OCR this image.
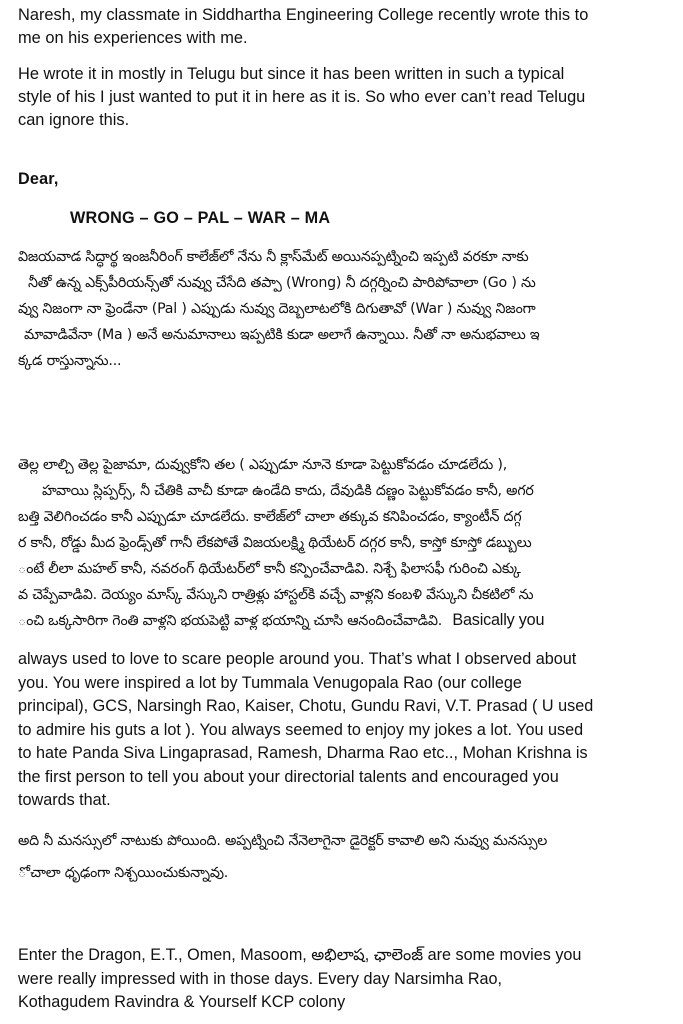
Naresh, my classmate in Siddhartha Engineering College recently wrote this to
me on his experiences with me.
He wrote it in mostly in Telugu but since it has been written in such a typical
style of his I just wanted to put it in here as it is. So who ever can’t read Telugu
can ignore this.
Dear,
WRONG – GO – PAL – WAR – MA
విజయవాడ సిద్ధార్థ ఇంజనీరింగ్ కాలేజ్‌లో నేను నీ క్లాస్‌మేట్ అయినప్పట్నించి ఇప్పటి వరకూ నాకు
నీతో ఉన్న ఎక్స్‌పీరియన్స్‌తో నువ్వు చేసేది తప్పా (Wrong) నీ దగ్గర్నించి పారిపోవాలా (Go ) ను
వ్వు నిజంగా నా ఫ్రెండేనా (Pal ) ఎప్పుడు నువ్వు దెబ్బలాటలోకి దిగుతావో (War ) నువ్వు నిజంగా
మావాడివేనా (Ma ) అనే అనుమానాలు ఇప్పటికి కుడా అలాగే ఉన్నాయి. నీతో నా అనుభవాలు ఇ
క్కడ రాస్తున్నాను...
తెల్ల లాల్చి తెల్ల పైజామా, దువ్వుకోని తల ( ఎప్పుడూ నూనె కూడా పెట్టుకోవడం చూడలేదు ),
హవాయి స్లిప్పర్స్, నీ చేతికి వాచీ కూడా ఉండేది కాదు, దేవుడికి దణ్ణం పెట్టుకోవడం కానీ, అగర
బత్తి వెలిగించడం కానీ ఎప్పుడూ చూడలేదు. కాలేజ్‌లో చాలా తక్కువ కనిపించడం, క్యాంటీన్ దగ్గ
ర కానీ, రోడ్డు మీద ఫ్రెండ్స్‌తో గానీ లేకపోతే విజయలక్ష్మి థియేటర్ దగ్గర కానీ, కాస్తో కూస్తో డబ్బులు
ంటే లీలా మహల్ కానీ, నవరంగ్ థియేటర్‌లో కానీ కన్పించేవాడివి. నిశ్చే ఫిలాసఫీ గురించి ఎక్కు
వ చెప్పేవాడివి. దెయ్యం మాస్క్ వేస్కుని రాత్రిళ్లు హాస్టల్‌కి వచ్చే వాళ్లని కంబళి వేస్కుని చీకటిలో ను
ంచి ఒక్కసారిగా గెంతి వాళ్లని భయపెట్టి వాళ్ల భయాన్ని చూసి ఆనందించేవాడివి. Basically you
always used to love to scare people around you. That’s what I observed about
you. You were inspired a lot by Tummala Venugopala Rao (our college
principal), GCS, Narsingh Rao, Kaiser, Chotu, Gundu Ravi, V.T. Prasad ( U used
to admire his guts a lot ). You always seemed to enjoy my jokes a lot. You used
to hate Panda Siva Lingaprasad, Ramesh, Dharma Rao etc.., Mohan Krishna is
the first person to tell you about your directorial talents and encouraged you
towards that.
అది నీ మనస్సులో నాటుకు పోయింది. అప్పట్నించి నేనెలాగైనా డైరెక్టర్ కావాలి అని నువ్వు మనస్సుల
ో చాలా ధృఢంగా నిశ్చయించుకున్నావు.
Enter the Dragon, E.T., Omen, Masoom, అభిలాష, ఛాలెంజ్ are some movies you
were really impressed with in those days. Every day Narsimha Rao,
Kothagudem Ravindra & Yourself KCP colony
